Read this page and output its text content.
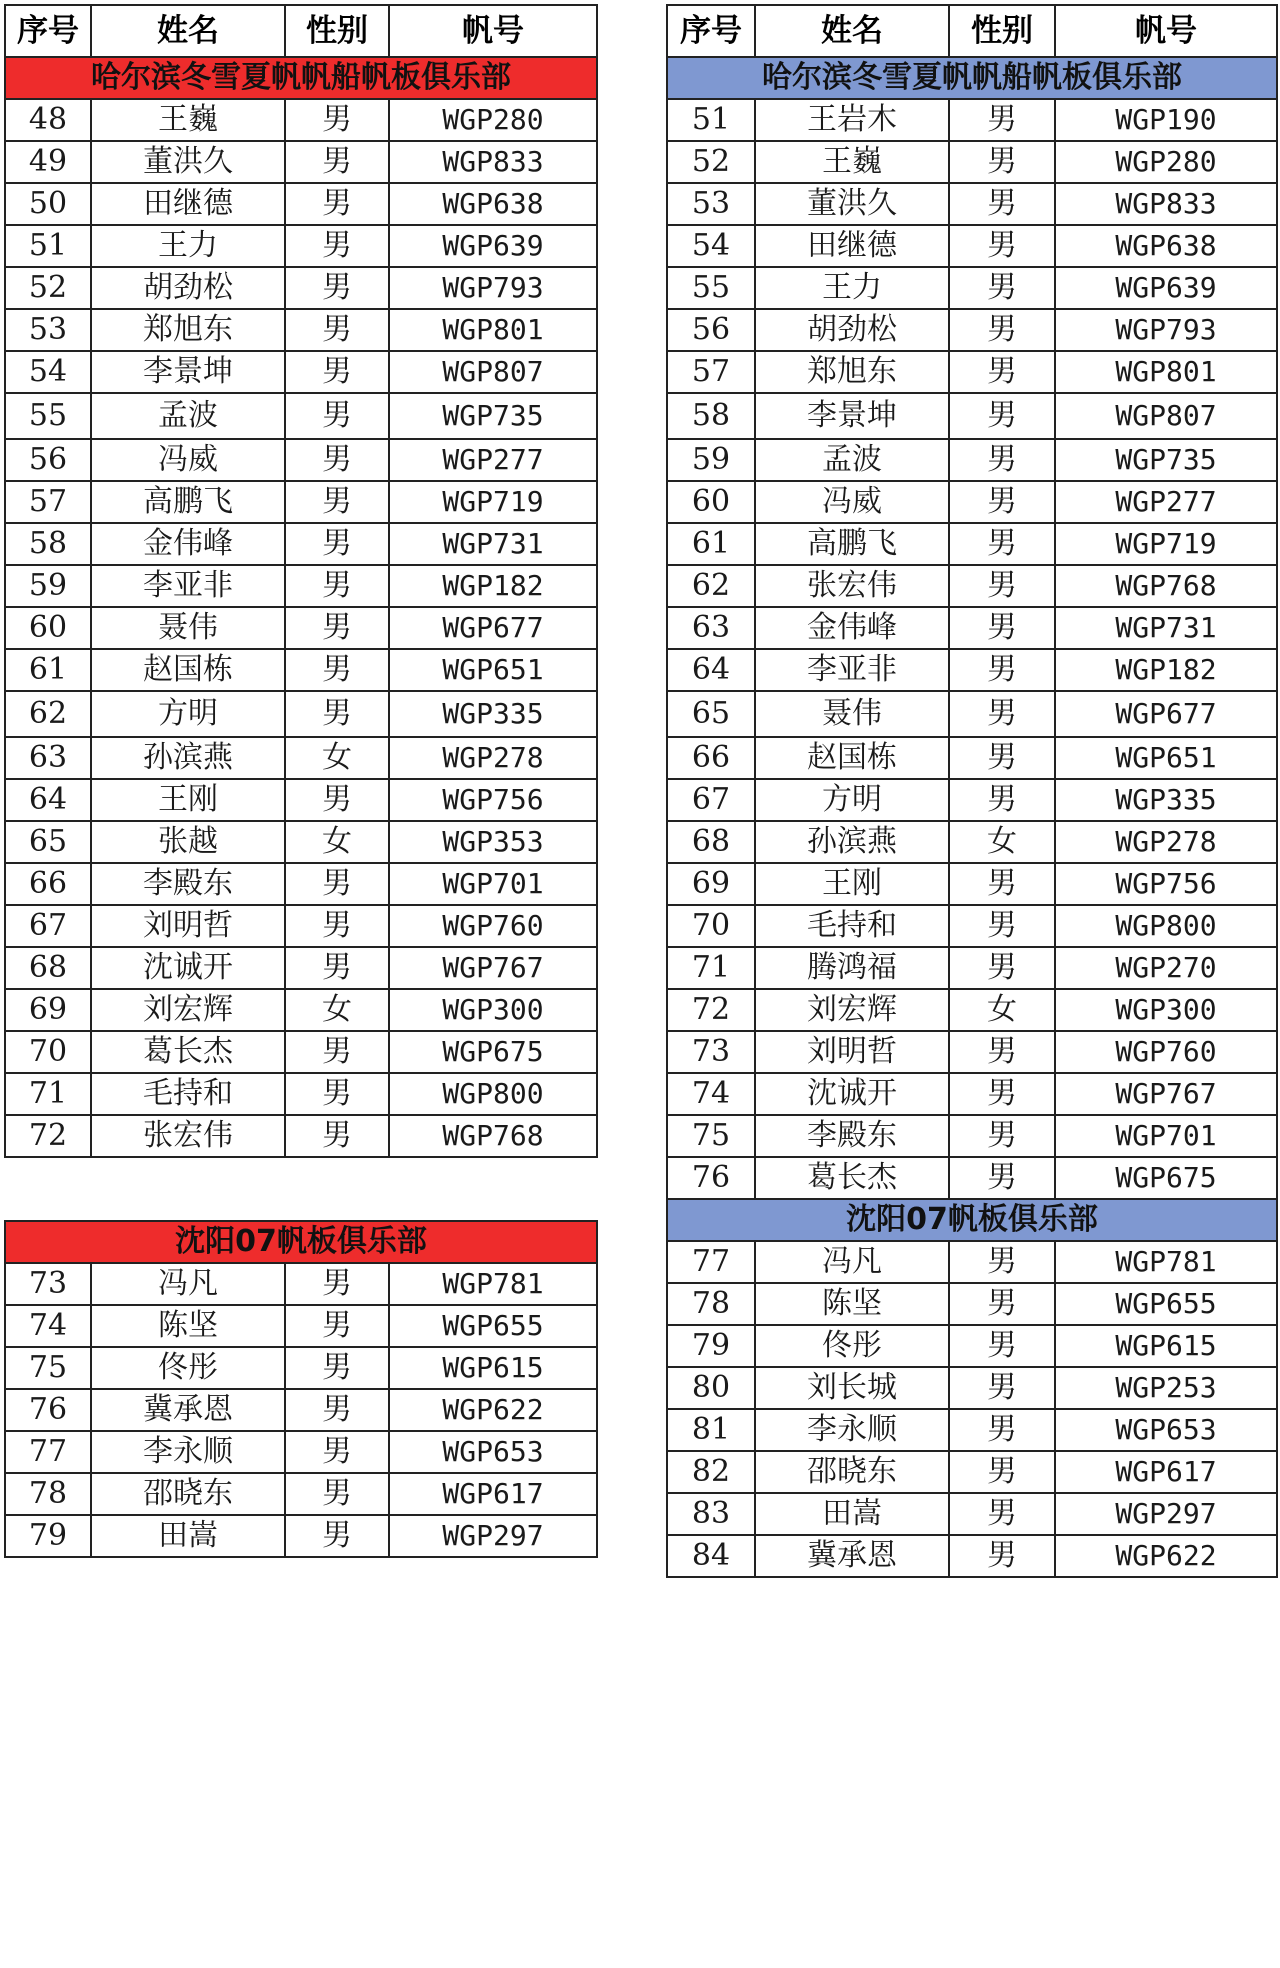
序号	姓名	性别	帆号
哈尔滨冬雪夏帆帆船帆板俱乐部			
48	王巍	男	WGP280
49	董洪久	男	WGP833
50	田继德	男	WGP638
51	王力	男	WGP639
52	胡劲松	男	WGP793
53	郑旭东	男	WGP801
54	李景坤	男	WGP807
55	孟波	男	WGP735
56	冯威	男	WGP277
57	高鹏飞	男	WGP719
58	金伟峰	男	WGP731
59	李亚非	男	WGP182
60	聂伟	男	WGP677
61	赵国栋	男	WGP651
62	方明	男	WGP335
63	孙滨燕	女	WGP278
64	王刚	男	WGP756
65	张越	女	WGP353
66	李殿东	男	WGP701
67	刘明哲	男	WGP760
68	沈诚开	男	WGP767
69	刘宏辉	女	WGP300
70	葛长杰	男	WGP675
71	毛持和	男	WGP800
72	张宏伟	男	WGP768

沈阳07帆板俱乐部			
73	冯凡	男	WGP781
74	陈坚	男	WGP655
75	佟彤	男	WGP615
76	冀承恩	男	WGP622
77	李永顺	男	WGP653
78	邵晓东	男	WGP617
79	田嵩	男	WGP297
序号	姓名	性别	帆号
哈尔滨冬雪夏帆帆船帆板俱乐部			
51	王岩木	男	WGP190
52	王巍	男	WGP280
53	董洪久	男	WGP833
54	田继德	男	WGP638
55	王力	男	WGP639
56	胡劲松	男	WGP793
57	郑旭东	男	WGP801
58	李景坤	男	WGP807
59	孟波	男	WGP735
60	冯威	男	WGP277
61	高鹏飞	男	WGP719
62	张宏伟	男	WGP768
63	金伟峰	男	WGP731
64	李亚非	男	WGP182
65	聂伟	男	WGP677
66	赵国栋	男	WGP651
67	方明	男	WGP335
68	孙滨燕	女	WGP278
69	王刚	男	WGP756
70	毛持和	男	WGP800
71	腾鸿福	男	WGP270
72	刘宏辉	女	WGP300
73	刘明哲	男	WGP760
74	沈诚开	男	WGP767
75	李殿东	男	WGP701
76	葛长杰	男	WGP675
沈阳07帆板俱乐部			
77	冯凡	男	WGP781
78	陈坚	男	WGP655
79	佟彤	男	WGP615
80	刘长城	男	WGP253
81	李永顺	男	WGP653
82	邵晓东	男	WGP617
83	田嵩	男	WGP297
84	冀承恩	男	WGP622
